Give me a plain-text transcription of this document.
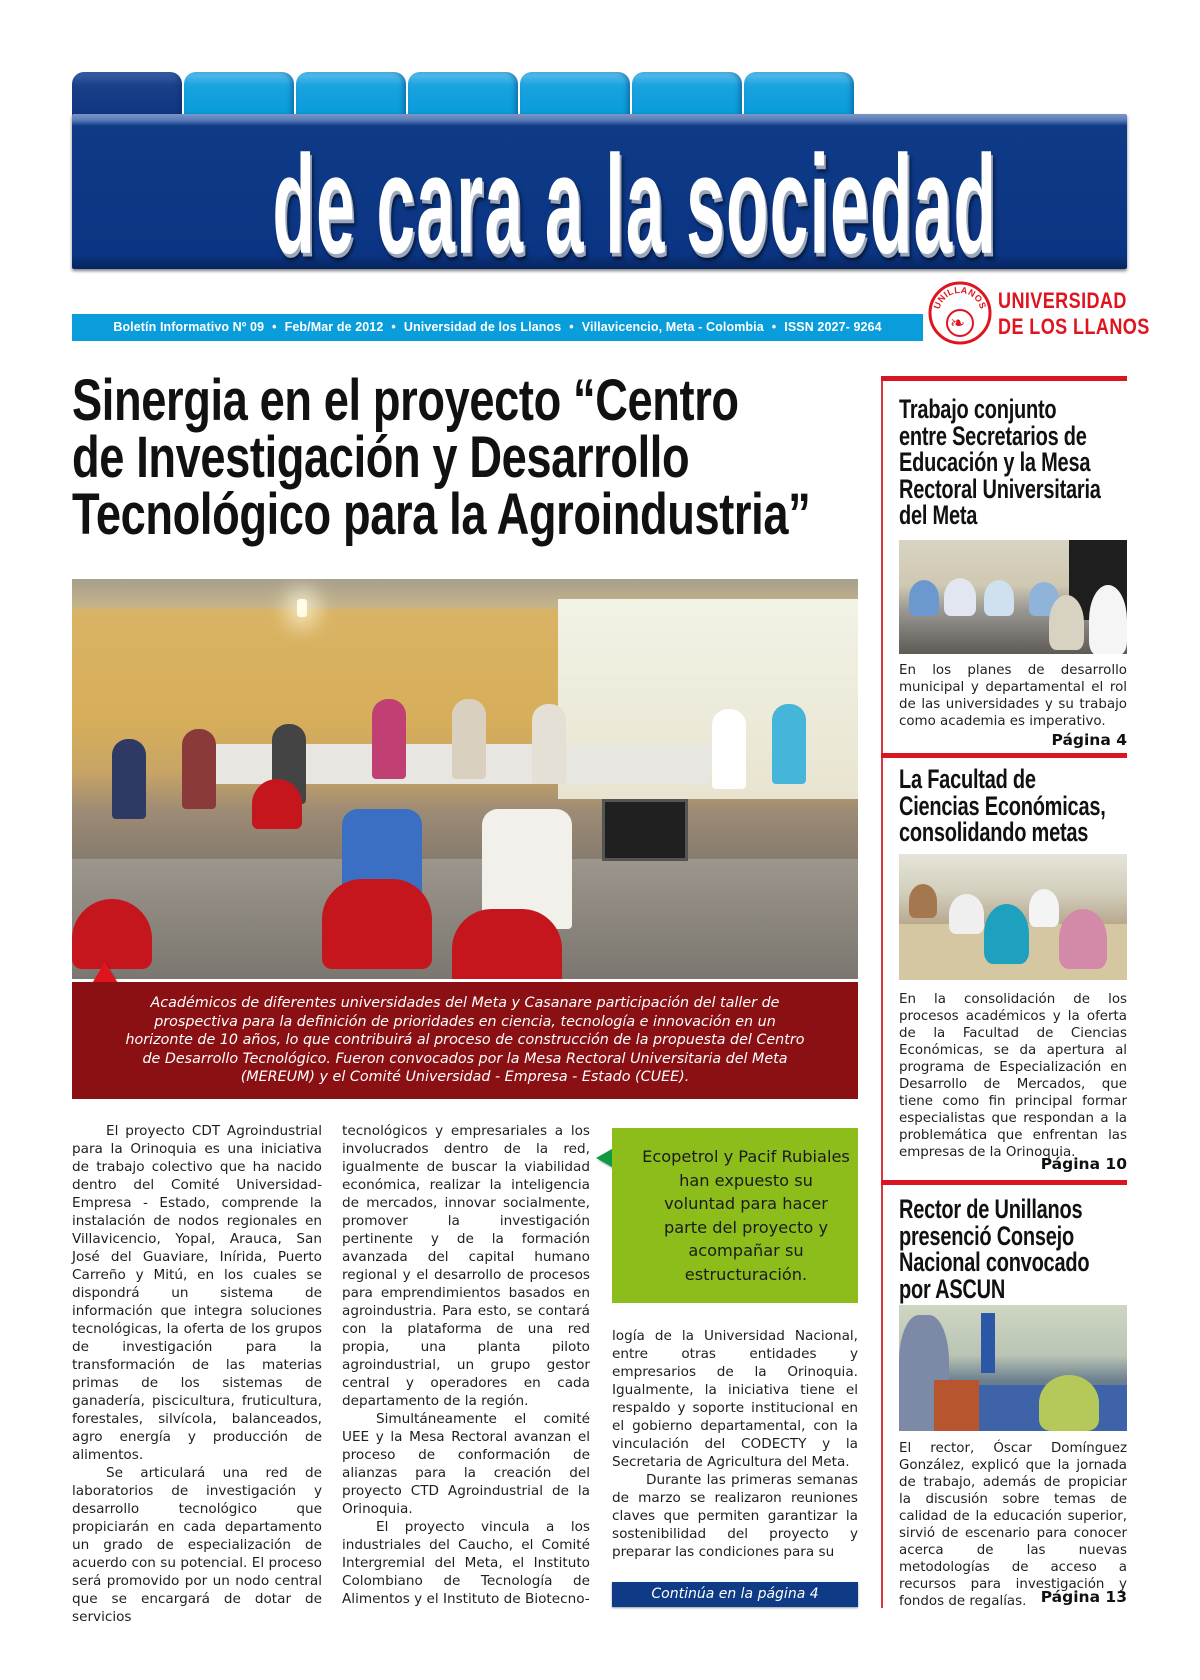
de cara a la sociedad
Boletín Informativo Nº 09 • Feb/Mar de 2012 • Universidad de los Llanos • Villavicencio, Meta - Colombia • ISSN 2027- 9264
UNILLANOS
❧
UNIVERSIDAD
DE LOS LLANOS
Sinergia en el proyecto “Centro
de Investigación y Desarrollo
Tecnológico para la Agroindustria”

Académicos de diferentes universidades del Meta y Casanare participación del taller de

prospectiva para la definición de prioridades en ciencia, tecnología e innovación en un

horizonte de 10 años, lo que contribuirá al proceso de construcción de la propuesta del Centro

de Desarrollo Tecnológico. Fueron convocados por la Mesa Rectoral Universitaria del Meta

(MEREUM) y el Comité Universidad - Empresa - Estado (CUEE).

El proyecto CDT Agroindustrial para la Orinoquia es una iniciativa de trabajo colectivo que ha nacido dentro del Comité Universidad- Empresa - Estado, comprende la instalación de nodos regionales en Villavicencio, Yopal, Arauca, San José del Guaviare, Inírida, Puerto Carreño y Mitú, en los cuales se dispondrá un sistema de información que integra soluciones tecnológicas, la oferta de los grupos de investigación para la transformación de las materias primas de los sistemas de ganadería, piscicultura, fruticultura, forestales, silvícola, balanceados, agro energía y producción de alimentos.

Se articulará una red de laboratorios de investigación y desarrollo tecnológico que propiciarán en cada departamento un grado de especialización de acuerdo con su potencial. El proceso será promovido por un nodo central que se encargará de dotar de servicios

tecnológicos y empresariales a los involucrados dentro de la red, igualmente de buscar la viabilidad económica, realizar la inteligencia de mercados, innovar socialmente, promover la investigación pertinente y de la formación avanzada del capital humano regional y el desarrollo de procesos para emprendimientos basados en agroindustria. Para esto, se contará con la plataforma de una red propia, una planta piloto agroindustrial, un grupo gestor central y operadores en cada departamento de la región.

Simultáneamente el comité UEE y la Mesa Rectoral avanzan el proceso de conformación de alianzas para la creación del proyecto CTD Agroindustrial de la Orinoquia.

El proyecto vincula a los industriales del Caucho, el Comité Intergremial del Meta, el Instituto Colombiano de Tecnología de Alimentos y el Instituto de Biotecno-

Ecopetrol y Pacif Rubiales han expuesto su voluntad para hacer parte del proyecto y acompañar su estructuración.

logía de la Universidad Nacional, entre otras entidades y empresarios de la Orinoquia. Igualmente, la iniciativa tiene el respaldo y soporte institucional en el gobierno departamental, con la vinculación del CODECTY y la Secretaria de Agricultura del Meta.

Durante las primeras semanas de marzo se realizaron reuniones claves que permiten garantizar la sostenibilidad del proyecto y preparar las condiciones para su

Continúa en la página 4
Trabajo conjunto
entre Secretarios de
Educación y la Mesa
Rectoral Universitaria
del Meta

En los planes de desarrollo municipal y departamental el rol de las universidades y su trabajo como academia es imperativo.

Página 4
La Facultad de
Ciencias Económicas,
consolidando metas

En la consolidación de los procesos académicos y la oferta de la Facultad de Ciencias Económicas, se da apertura al programa de Especialización en Desarrollo de Mercados, que tiene como fin principal formar especialistas que respondan a la problemática que enfrentan las empresas de la Orinoquia.

Página 10
Rector de Unillanos
presenció Consejo
Nacional convocado
por ASCUN

El rector, Óscar Domínguez González, explicó que la jornada de trabajo, además de propiciar la discusión sobre temas de calidad de la educación superior, sirvió de escenario para conocer acerca de las nuevas metodologías de acceso a recursos para investigación y fondos de regalías. Página 13
